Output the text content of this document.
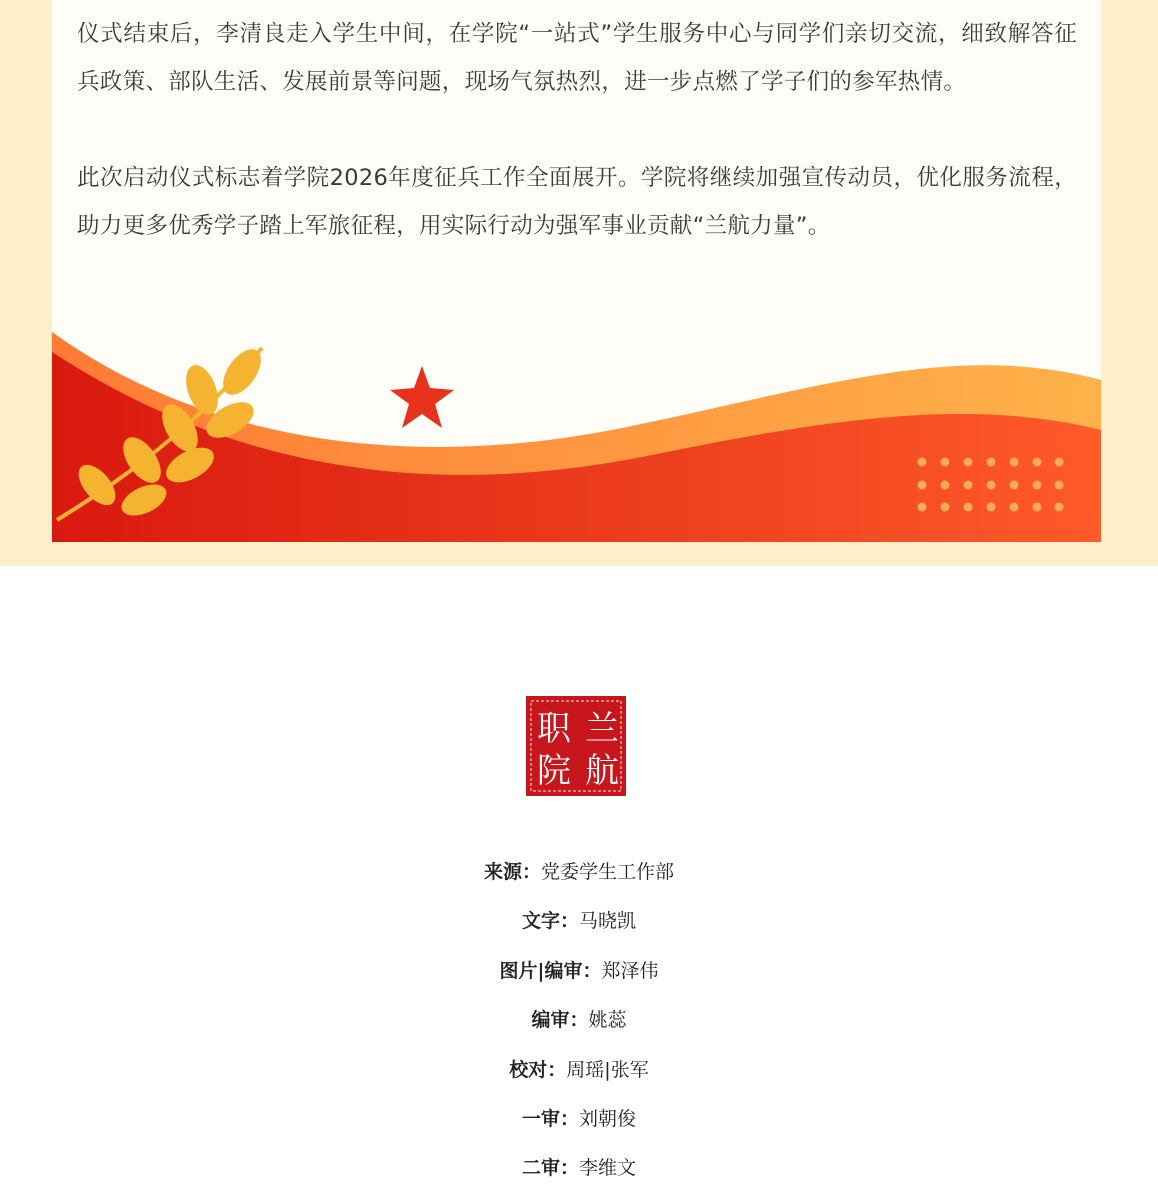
仪式结束后，李清良走入学生中间，在学院“一站式”学生服务中心与同学们亲切交流，细致解答征兵政策、部队生活、发展前景等问题，现场气氛热烈，进一步点燃了学子们的参军热情。

此次启动仪式标志着学院2026年度征兵工作全面展开。学院将继续加强宣传动员，优化服务流程，助力更多优秀学子踏上军旅征程，用实际行动为强军事业贡献“兰航力量”。

兰
航
职
院
来源：党委学生工作部
文字：马晓凯
图片|编审：郑泽伟
编审：姚蕊
校对：周瑶|张军
一审：刘朝俊
二审：李维文
